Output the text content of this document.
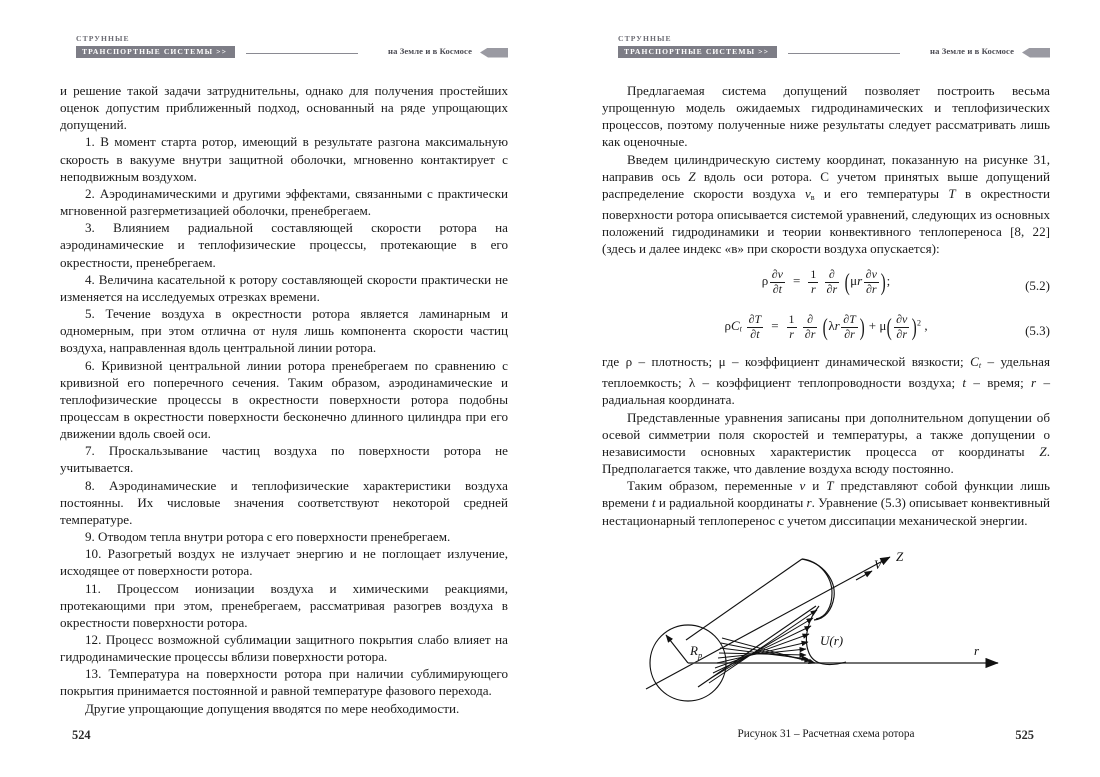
СТРУННЫЕ
ТРАНСПОРТНЫЕ СИСТЕМЫ >>	на Земле и в Космосе

и решение такой задачи затруднительны, однако для получения простейших оценок допустим приближенный подход, основанный на ряде упрощающих допущений.

1. В момент старта ротор, имеющий в результате разгона максимальную скорость в вакууме внутри защитной оболочки, мгновенно контактирует с неподвижным воздухом.

2. Аэродинамическими и другими эффектами, связанными с практически мгновенной разгерметизацией оболочки, пренебрегаем.

3. Влиянием радиальной составляющей скорости ротора на аэродинамические и теплофизические процессы, протекающие в его окрестности, пренебрегаем.

4. Величина касательной к ротору составляющей скорости практически не изменяется на исследуемых отрезках времени.

5. Течение воздуха в окрестности ротора является ламинарным и одномерным, при этом отлична от нуля лишь компонента скорости частиц воздуха, направленная вдоль центральной линии ротора.

6. Кривизной центральной линии ротора пренебрегаем по сравнению с кривизной его поперечного сечения. Таким образом, аэродинамические и теплофизические процессы в окрестности поверхности ротора подобны процессам в окрестности поверхности бесконечно длинного цилиндра при его движении вдоль своей оси.

7. Проскальзывание частиц воздуха по поверхности ротора не учитывается.

8. Аэродинамические и теплофизические характеристики воздуха постоянны. Их числовые значения соответствуют некоторой средней температуре.

9. Отводом тепла внутри ротора с его поверхности пренебрегаем.

10. Разогретый воздух не излучает энергию и не поглощает излучение, исходящее от поверхности ротора.

11. Процессом ионизации воздуха и химическими реакциями, протекающими при этом, пренебрегаем, рассматривая разогрев воздуха в окрестности поверхности ротора.

12. Процесс возможной сублимации защитного покрытия слабо влияет на гидродинамические процессы вблизи поверхности ротора.

13. Температура на поверхности ротора при наличии сублимирующего покрытия принимается постоянной и равной температуре фазового перехода.

Другие упрощающие допущения вводятся по мере необходимости.

524
СТРУННЫЕ
ТРАНСПОРТНЫЕ СИСТЕМЫ >>	на Земле и в Космосе

Предлагаемая система допущений позволяет построить весьма упрощенную модель ожидаемых гидродинамических и теплофизических процессов, поэтому полученные ниже результаты следует рассматривать лишь как оценочные.

Введем цилиндрическую систему координат, показанную на рисунке 31, направив ось Z вдоль оси ротора. С учетом принятых выше допущений распределение скорости воздуха $v_в$ и его температуры T в окрестности поверхности ротора описывается системой уравнений, следующих из основных положений гидродинамики и теории конвективного теплопереноса [8, 22] (здесь и далее индекс «в» при скорости воздуха опускается):

ρ $\frac{\partial v}{\partial t} = \frac{1}{r}$
$\frac{\partial}{\partial r} (\mu r \frac{\partial v}{\partial r}$ );	(5.2)
$\rho C_t \frac{\partial T}{\partial t} = \frac{1}{r}$
$\frac{\partial}{\partial r} (\lambda r \frac{\partial T}{\partial r}$ ) + $\mu( \frac{\partial v}{\partial r} )^2$ ,	(5.3)

где ρ – плотность; μ – коэффициент динамической вязкости; $C_t$ – удельная теплоемкость; λ – коэффициент теплопроводности воздуха; t – время; r – радиальная координата.

Представленные уравнения записаны при дополнительном допущении об осевой симметрии поля скоростей и температуры, а также допущении о независимости основных характеристик процесса от координаты Z. Предполагается также, что давление воздуха всюду постоянно.

Таким образом, переменные v и T представляют собой функции лишь времени t и радиальной координаты r. Уравнение (5.3) описывает конвективный нестационарный теплоперенос с учетом диссипации механической энергии.

Z
V
r
$R_р$
U(r)
Рисунок 31 – Расчетная схема ротора	525
